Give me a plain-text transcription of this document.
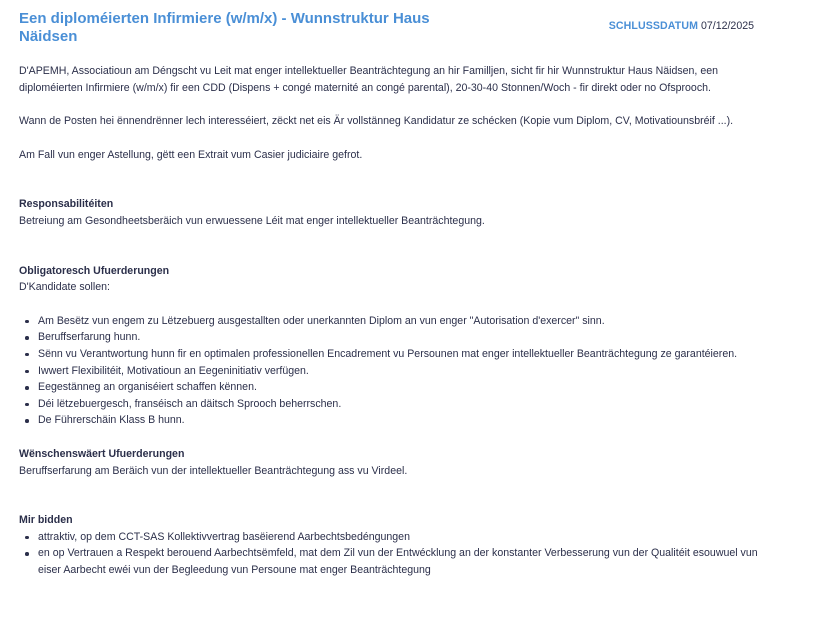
Een diploméierten Infirmiere (w/m/x) - Wunnstruktur Haus Näidsen
SCHLUSSDATUM 07/12/2025

D'APEMH, Associatioun am Déngscht vu Leit mat enger intellektueller Beanträchtegung an hir Familljen, sicht fir hir Wunnstruktur Haus Näidsen, een diploméierten Infirmiere (w/m/x) fir een CDD (Dispens + congé maternité an congé parental), 20-30-40 Stonnen/Woch - fir direkt oder no Ofsprooch.

Wann de Posten hei ënnendrënner lech interesséiert, zëckt net eis Är vollstänneg Kandidatur ze schécken (Kopie vum Diplom, CV, Motivatiounsbréif ...).

Am Fall vun enger Astellung, gëtt een Extrait vum Casier judiciaire gefrot.

Responsabilitéiten

Betreiung am Gesondheetsberäich vun erwuessene Léit mat enger intellektueller Beanträchtegung.

Obligatoresch Ufuerderungen

D'Kandidate sollen:

Am Besëtz vun engem zu Lëtzebuerg ausgestallten oder unerkannten Diplom an vun enger "Autorisation d'exercer" sinn.
Beruffserfarung hunn.
Sënn vu Verantwortung hunn fir en optimalen professionellen Encadrement vu Persounen mat enger intellektueller Beanträchtegung ze garantéieren.
Iwwert Flexibilitéit, Motivatioun an Eegeninitiativ verfügen.
Eegestänneg an organiséiert schaffen kënnen.
Déi lëtzebuergesch, franséisch an däitsch Sprooch beherrschen.
De Führerschäin Klass B hunn.

Wënschenswäert Ufuerderungen

Beruffserfarung am Beräich vun der intellektueller Beanträchtegung ass vu Virdeel.

Mir bidden

attraktiv, op dem CCT-SAS Kollektivvertrag basëierend Aarbechtsbedéngungen
en op Vertrauen a Respekt berouend Aarbechtsëmfeld, mat dem Zil vun der Entwécklung an der konstanter Verbesserung vun der Qualitéit esouwuel vun eiser Aarbecht ewéi vun der Begleedung vun Persoune mat enger Beanträchtegung
